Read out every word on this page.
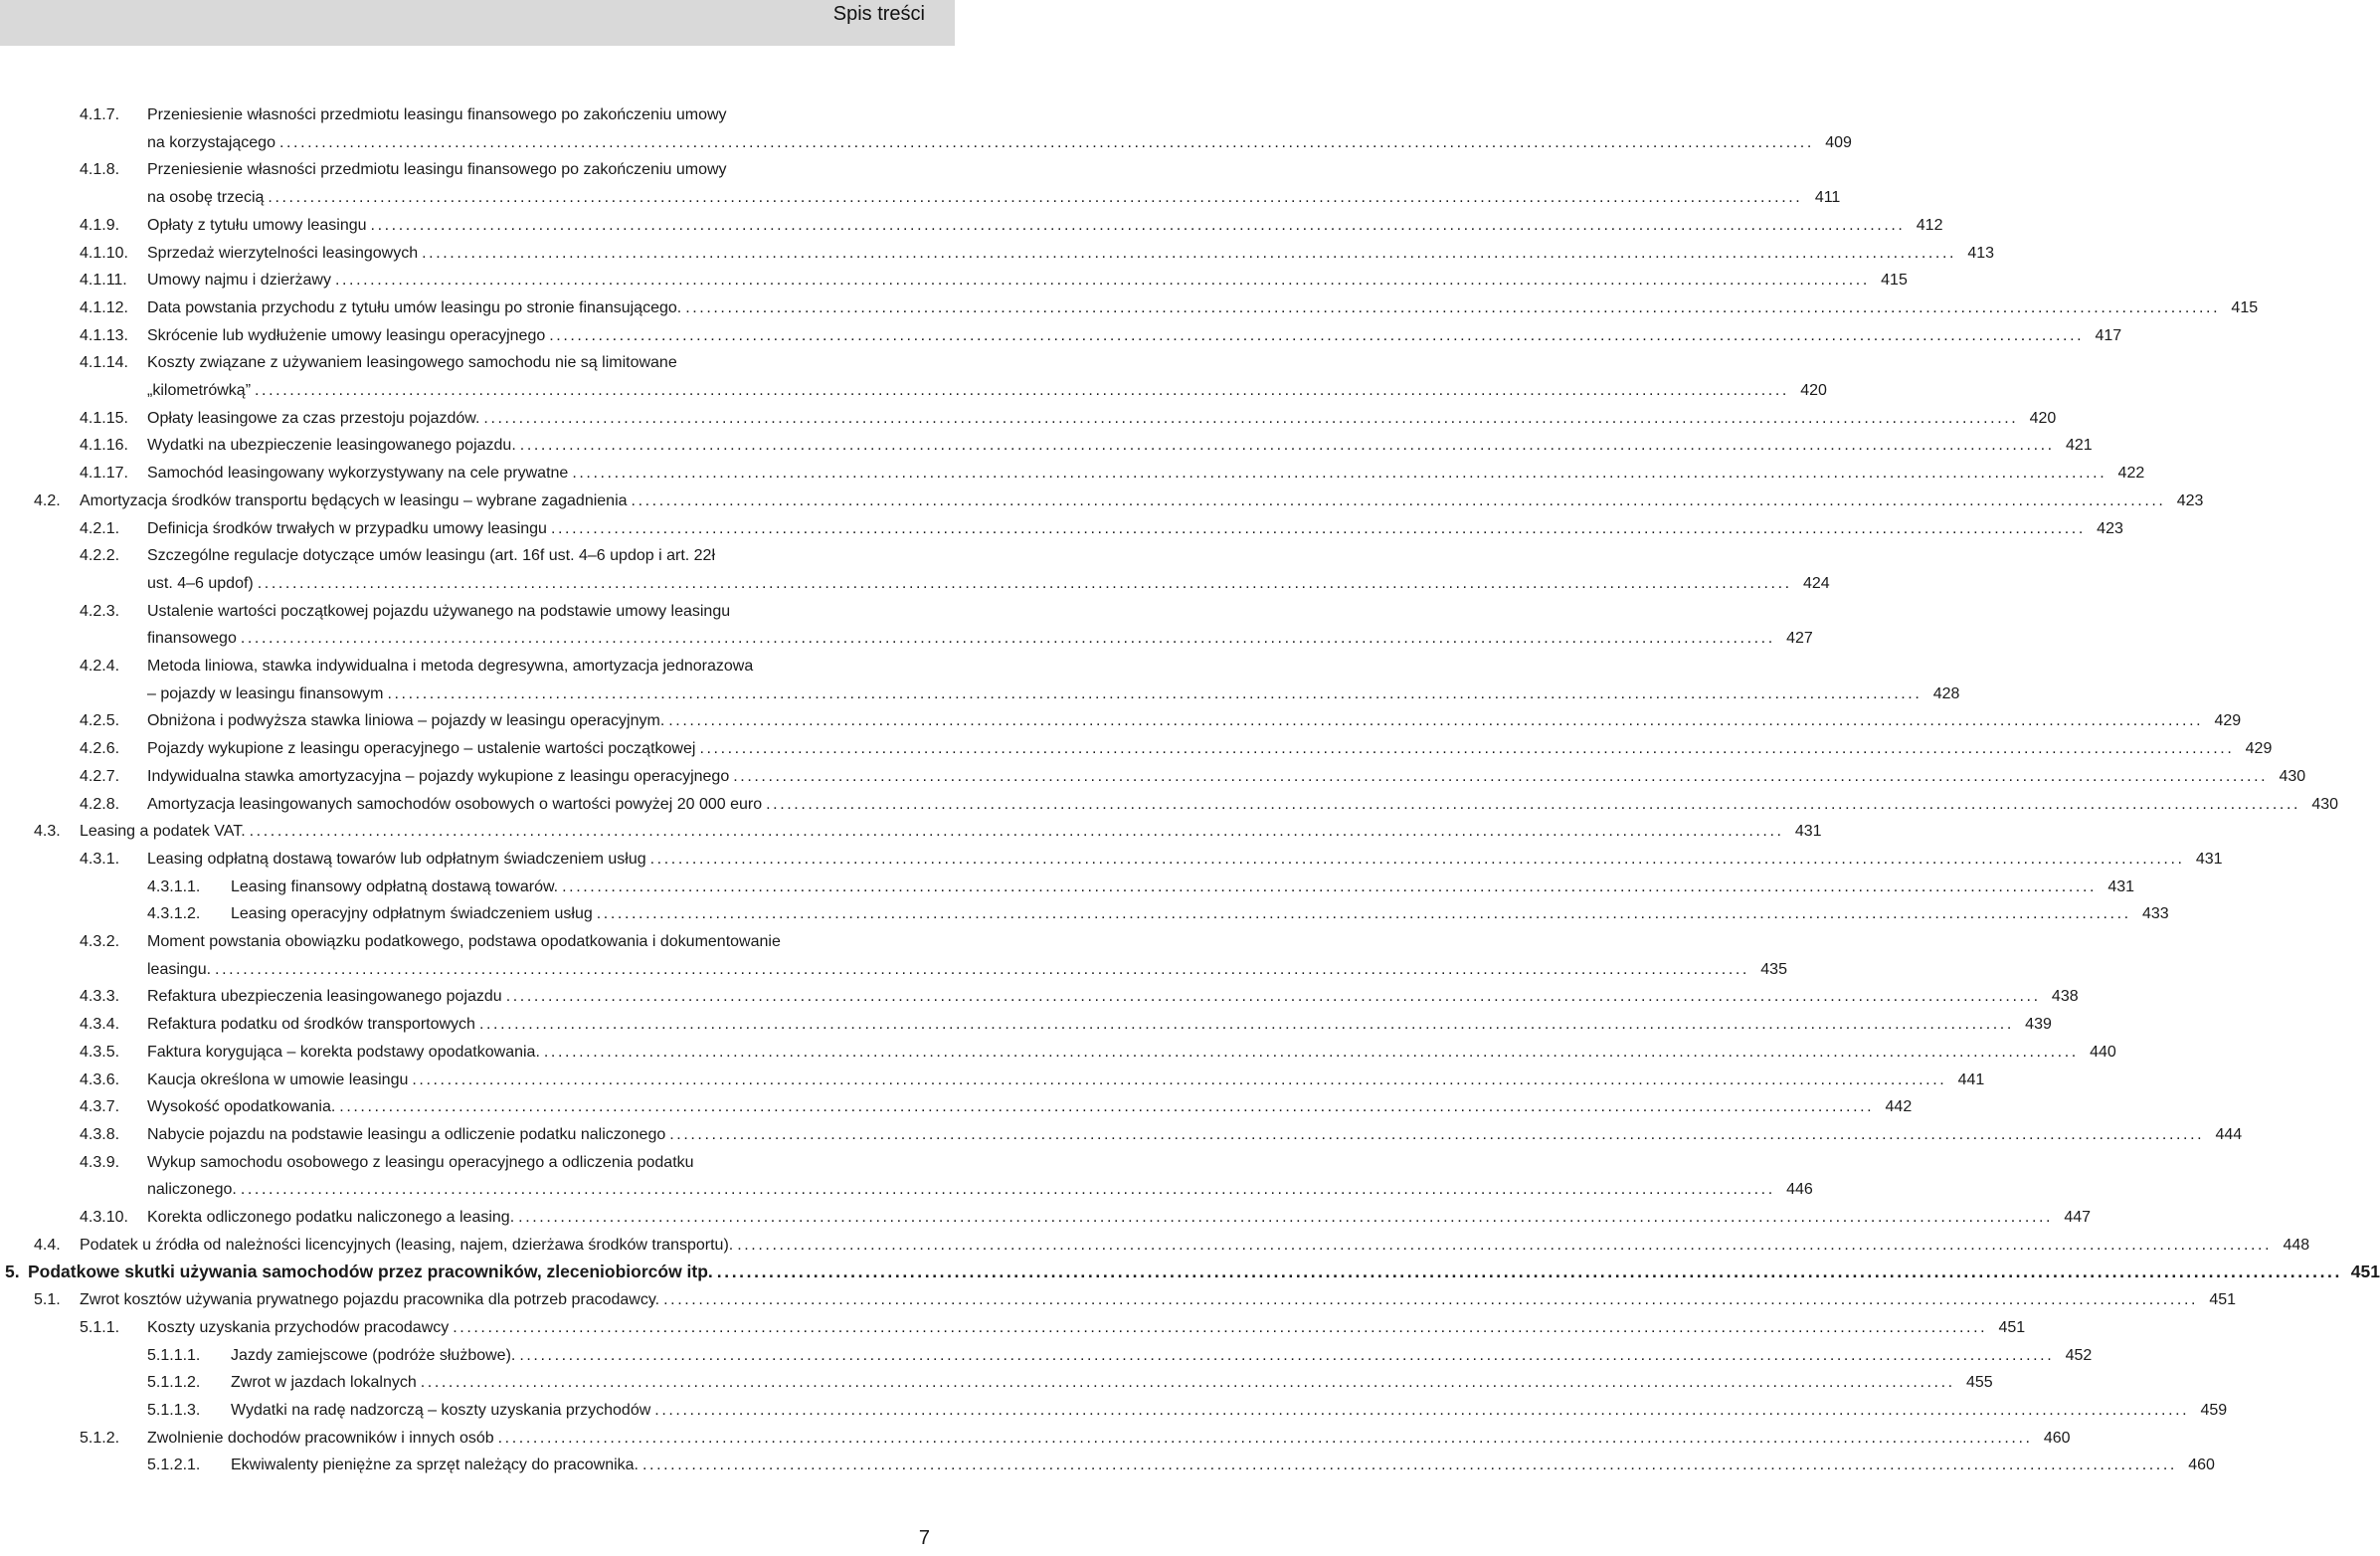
Spis treści
4.1.7. Przeniesienie własności przedmiotu leasingu finansowego po zakończeniu umowy
na korzystającego .....	409
4.1.8. Przeniesienie własności przedmiotu leasingu finansowego po zakończeniu umowy
na osobę trzecią .....	411
4.1.9. Opłaty z tytułu umowy leasingu .....	412
4.1.10. Sprzedaż wierzytelności leasingowych .....	413
4.1.11. Umowy najmu i dzierżawy .....	415
4.1.12. Data powstania przychodu z tytułu umów leasingu po stronie finansującego. .....	415
4.1.13. Skrócenie lub wydłużenie umowy leasingu operacyjnego .....	417
4.1.14. Koszty związane z używaniem leasingowego samochodu nie są limitowane
„kilometrówką” .....	420
4.1.15. Opłaty leasingowe za czas przestoju pojazdów. .....	420
4.1.16. Wydatki na ubezpieczenie leasingowanego pojazdu. .....	421
4.1.17. Samochód leasingowany wykorzystywany na cele prywatne .....	422
4.2. Amortyzacja środków transportu będących w leasingu – wybrane zagadnienia .....	423
4.2.1. Definicja środków trwałych w przypadku umowy leasingu .....	423
4.2.2. Szczególne regulacje dotyczące umów leasingu (art. 16f ust. 4–6 updop i art. 22ł
ust. 4–6 updof) .....	424
4.2.3. Ustalenie wartości początkowej pojazdu używanego na podstawie umowy leasingu
finansowego .....	427
4.2.4. Metoda liniowa, stawka indywidualna i metoda degresywna, amortyzacja jednorazowa
– pojazdy w leasingu finansowym .....	428
4.2.5. Obniżona i podwyższa stawka liniowa – pojazdy w leasingu operacyjnym. .....	429
4.2.6. Pojazdy wykupione z leasingu operacyjnego – ustalenie wartości początkowej .....	429
4.2.7. Indywidualna stawka amortyzacyjna – pojazdy wykupione z leasingu operacyjnego .....	430
4.2.8. Amortyzacja leasingowanych samochodów osobowych o wartości powyżej 20 000 euro .....	430
4.3. Leasing a podatek VAT. .....	431
4.3.1. Leasing odpłatną dostawą towarów lub odpłatnym świadczeniem usług .....	431
4.3.1.1. Leasing finansowy odpłatną dostawą towarów. .....	431
4.3.1.2. Leasing operacyjny odpłatnym świadczeniem usług .....	433
4.3.2. Moment powstania obowiązku podatkowego, podstawa opodatkowania i dokumentowanie
leasingu. .....	435
4.3.3. Refaktura ubezpieczenia leasingowanego pojazdu .....	438
4.3.4. Refaktura podatku od środków transportowych .....	439
4.3.5. Faktura korygująca – korekta podstawy opodatkowania. .....	440
4.3.6. Kaucja określona w umowie leasingu .....	441
4.3.7. Wysokość opodatkowania. .....	442
4.3.8. Nabycie pojazdu na podstawie leasingu a odliczenie podatku naliczonego .....	444
4.3.9. Wykup samochodu osobowego z leasingu operacyjnego a odliczenia podatku
naliczonego. .....	446
4.3.10. Korekta odliczonego podatku naliczonego a leasing. .....	447
4.4. Podatek u źródła od należności licencyjnych (leasing, najem, dzierżawa środków transportu). .....	448
5. Podatkowe skutki używania samochodów przez pracowników, zleceniobiorców itp. .....	451
5.1. Zwrot kosztów używania prywatnego pojazdu pracownika dla potrzeb pracodawcy. .....	451
5.1.1. Koszty uzyskania przychodów pracodawcy .....	451
5.1.1.1. Jazdy zamiejscowe (podróże służbowe). .....	452
5.1.1.2. Zwrot w jazdach lokalnych .....	455
5.1.1.3. Wydatki na radę nadzorczą – koszty uzyskania przychodów .....	459
5.1.2. Zwolnienie dochodów pracowników i innych osób .....	460
5.1.2.1. Ekwiwalenty pieniężne za sprzęt należący do pracownika. .....	460
7
